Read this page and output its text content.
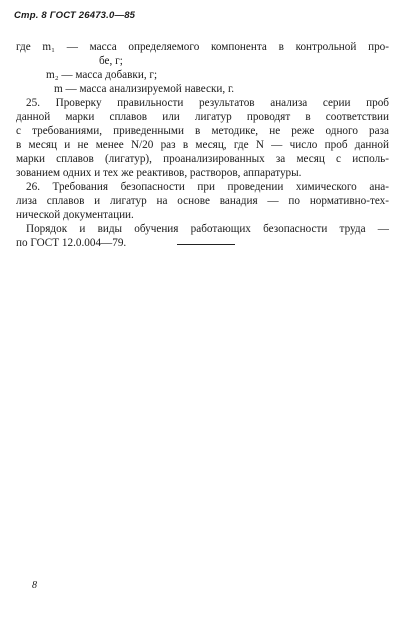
Стр. 8 ГОСТ 26473.0—85
где m₁ — масса определяемого компонента в контрольной про-
бе, г;
m₂ — масса добавки, г;
m — масса анализируемой навески, г.
25. Проверку правильности результатов анализа серии проб
данной марки сплавов или лигатур проводят в соответствии
с требованиями, приведенными в методике, не реже одного раза
в месяц и не менее N/20 раз в месяц, где N — число проб данной
марки сплавов (лигатур), проанализированных за месяц с исполь-
зованием одних и тех же реактивов, растворов, аппаратуры.
26. Требования безопасности при проведении химического ана-
лиза сплавов и лигатур на основе ванадия — по нормативно-тех-
нической документации.
Порядок и виды обучения работающих безопасности труда —
по ГОСТ 12.0.004—79.
8
